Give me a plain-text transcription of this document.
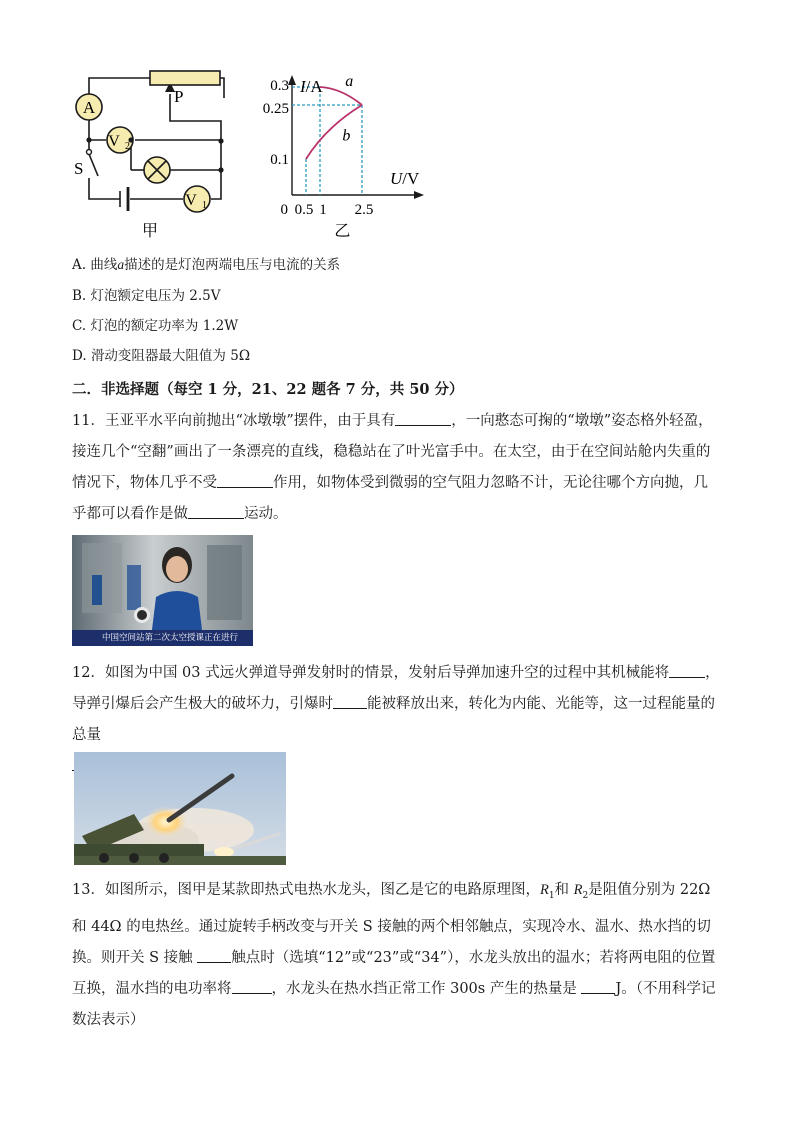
A
V 2
V 1
S
P
甲
a
b
0.3
0.25
0.1
0 0.5 1 2.5
I/A
U/V
乙
A. 曲线a描述的是灯泡两端电压与电流的关系
B. 灯泡额定电压为 2.5V
C. 灯泡的额定功率为 1.2W
D. 滑动变阻器最大阻值为 5Ω
二．非选择题（每空 1 分，21、22 题各 7 分，共 50 分）
11．王亚平水平向前抛出“冰墩墩”摆件，由于具有	，一向憨态可掬的“墩墩”姿态格外轻盈，接连几个“空翻”画出了一条漂亮的直线，稳稳站在了叶光富手中。在太空，由于在空间站舱内失重的情况下，物体几乎不受	作用，如物体受到微弱的空气阻力忽略不计，无论往哪个方向抛，几乎都可以看作是做	运动。
中国空间站第二次太空授课正在进行
12．如图为中国 03 式远火弹道导弹发射时的情景，发射后导弹加速升空的过程中其机械能将 ，导弹引爆后会产生极大的破坏力，引爆时 能被释放出来，转化为内能、光能等，这一过程能量的总量

13．如图所示，图甲是某款即热式电热水龙头，图乙是它的电路原理图，$R_1$和 $R_2$是阻值分别为 22Ω 和 44Ω 的电热丝。通过旋转手柄改变与开关 S 接触的两个相邻触点，实现冷水、温水、热水挡的切换。则开关 S 接触	触点时（选填“12”或“23”或“34”），水龙头放出的温水；若将两电阻的位置互换，温水挡的电功率将	，水龙头在热水挡正常工作 300s 产生的热量是	J。（不用科学记数法表示）
